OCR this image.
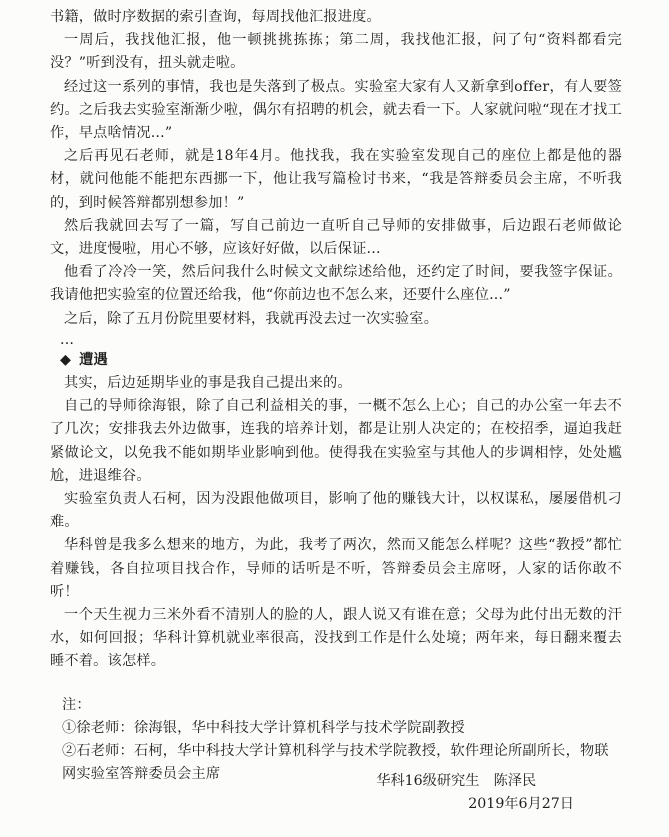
书籍，做时序数据的索引查询，每周找他汇报进度。

一周后，我找他汇报，他一顿挑挑拣拣；第二周，我找他汇报，问了句“资料都看完没？”听到没有，扭头就走啦。

经过这一系列的事情，我也是失落到了极点。实验室大家有人又新拿到offer，有人要签约。之后我去实验室渐渐少啦，偶尔有招聘的机会，就去看一下。人家就问啦“现在才找工作，早点啥情况...”

之后再见石老师，就是18年4月。他找我，我在实验室发现自己的座位上都是他的器材，就问他能不能把东西挪一下，他让我写篇检讨书来，“我是答辩委员会主席，不听我的，到时候答辩都别想参加！”

然后我就回去写了一篇，写自己前边一直听自己导师的安排做事，后边跟石老师做论文，进度慢啦，用心不够，应该好好做，以后保证...

他看了冷冷一笑，然后问我什么时候文文献综述给他，还约定了时间，要我签字保证。我请他把实验室的位置还给我，他“你前边也不怎么来，还要什么座位...”

之后，除了五月份院里要材料，我就再没去过一次实验室。

...

◆ 遭遇

其实，后边延期毕业的事是我自己提出来的。

自己的导师徐海银，除了自己利益相关的事，一概不怎么上心；自己的办公室一年去不了几次；安排我去外边做事，连我的培养计划，都是让别人决定的；在校招季，逼迫我赶紧做论文，以免我不能如期毕业影响到他。使得我在实验室与其他人的步调相悖，处处尴尬，进退维谷。

实验室负责人石柯，因为没跟他做项目，影响了他的赚钱大计，以权谋私，屡屡借机刁难。

华科曾是我多么想来的地方，为此，我考了两次，然而又能怎么样呢？这些“教授”都忙着赚钱，各自拉项目找合作，导师的话听是不听，答辩委员会主席呀，人家的话你敢不听！

一个天生视力三米外看不清别人的脸的人，跟人说又有谁在意；父母为此付出无数的汗水，如何回报；华科计算机就业率很高，没找到工作是什么处境；两年来，每日翻来覆去睡不着。该怎样。

注：

①徐老师：徐海银，华中科技大学计算机科学与技术学院副教授

②石老师：石柯，华中科技大学计算机科学与技术学院教授，软件理论所副所长，物联网实验室答辩委员会主席	华科16级研究生　陈泽民
2019年6月27日
